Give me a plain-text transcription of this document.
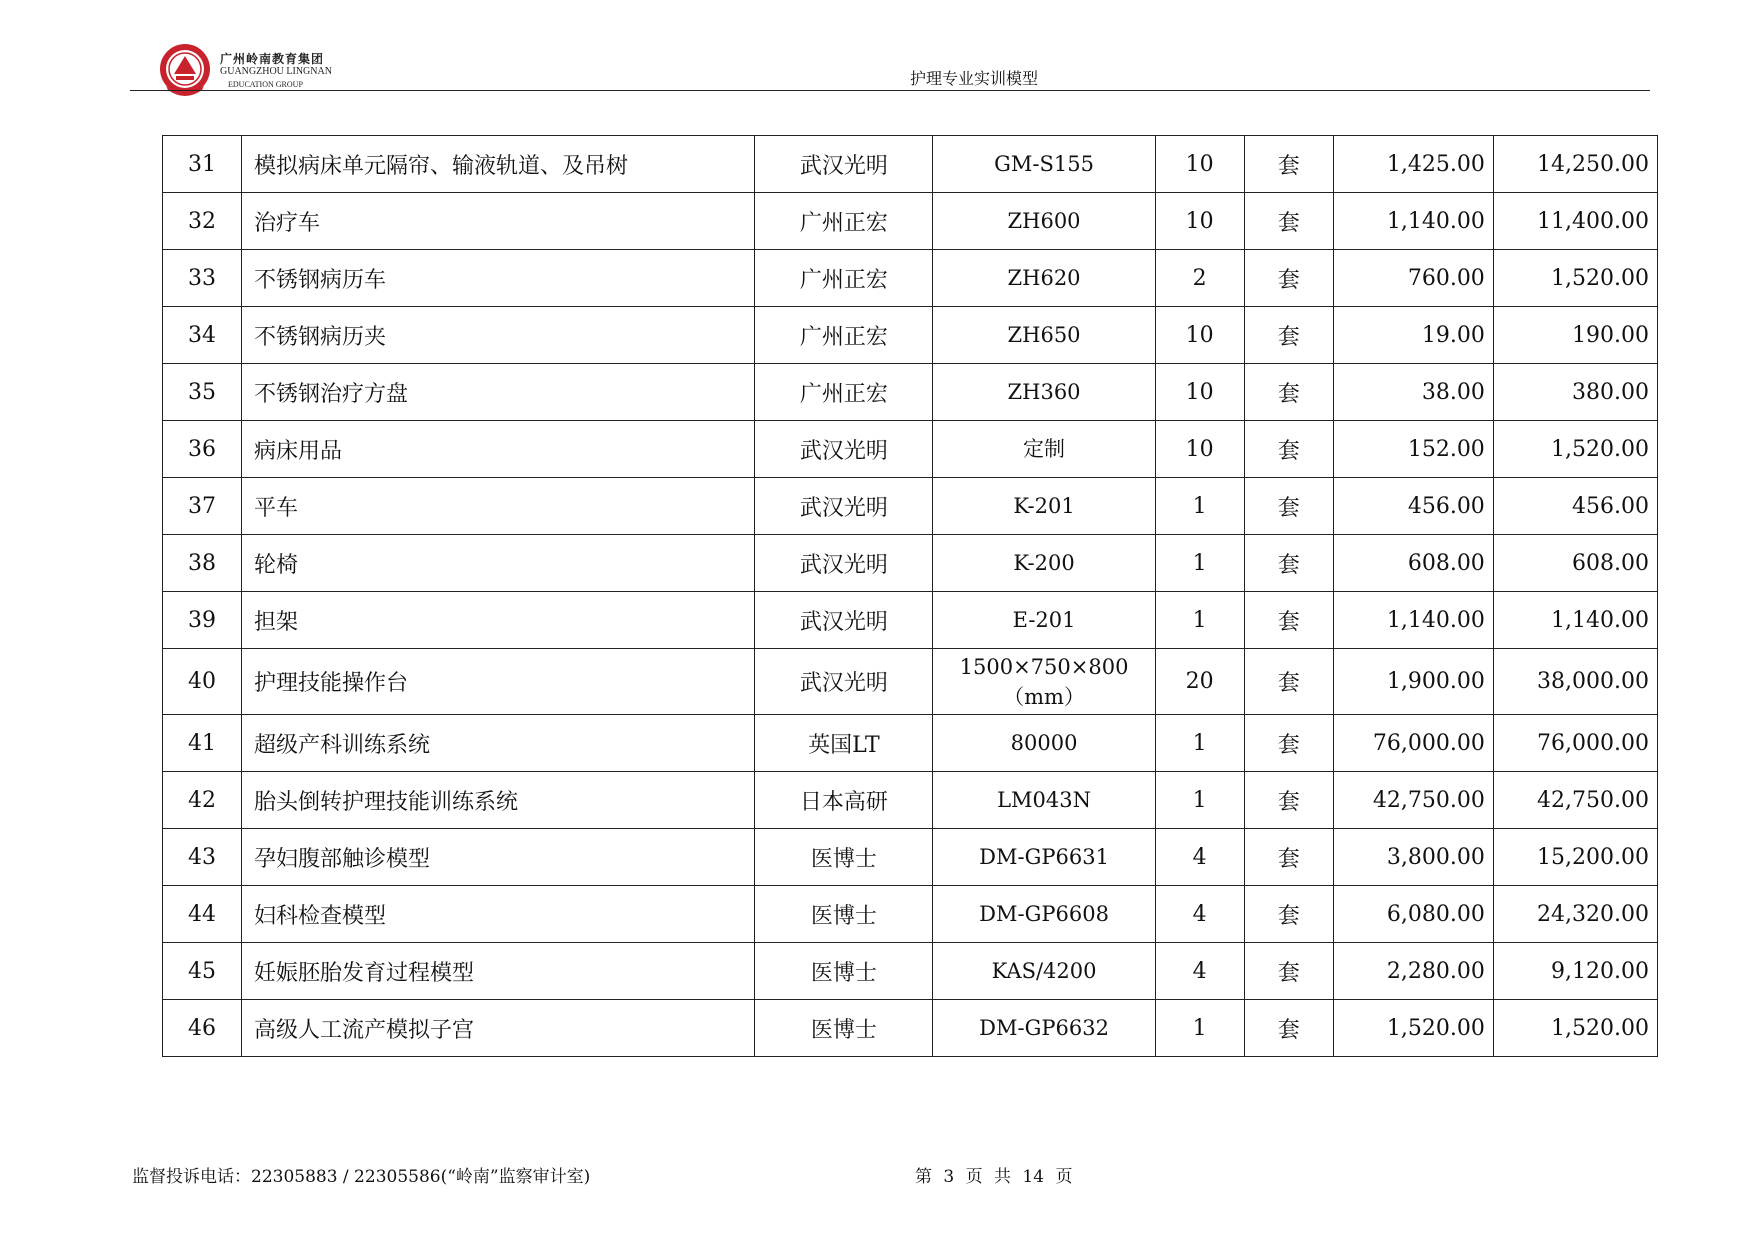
广州岭南教育集团
GUANGZHOU LINGNAN
EDUCATION GROUP	护理专业实训模型
31	模拟病床单元隔帘、输液轨道、及吊树	武汉光明	GM-S155	10	套	1,425.00	14,250.00
32	治疗车	广州正宏	ZH600	10	套	1,140.00	11,400.00
33	不锈钢病历车	广州正宏	ZH620	2	套	760.00	1,520.00
34	不锈钢病历夹	广州正宏	ZH650	10	套	19.00	190.00
35	不锈钢治疗方盘	广州正宏	ZH360	10	套	38.00	380.00
36	病床用品	武汉光明	定制	10	套	152.00	1,520.00
37	平车	武汉光明	K-201	1	套	456.00	456.00
38	轮椅	武汉光明	K-200	1	套	608.00	608.00
39	担架	武汉光明	E-201	1	套	1,140.00	1,140.00
40	护理技能操作台	武汉光明	1500×750×800（mm）	20	套	1,900.00	38,000.00
41	超级产科训练系统	英国LT	80000	1	套	76,000.00	76,000.00
42	胎头倒转护理技能训练系统	日本高研	LM043N	1	套	42,750.00	42,750.00
43	孕妇腹部触诊模型	医博士	DM-GP6631	4	套	3,800.00	15,200.00
44	妇科检查模型	医博士	DM-GP6608	4	套	6,080.00	24,320.00
45	妊娠胚胎发育过程模型	医博士	KAS/4200	4	套	2,280.00	9,120.00
46	高级人工流产模拟子宫	医博士	DM-GP6632	1	套	1,520.00	1,520.00
监督投诉电话：22305883 / 22305586(“岭南”监察审计室)	第 3 页 共 14 页
